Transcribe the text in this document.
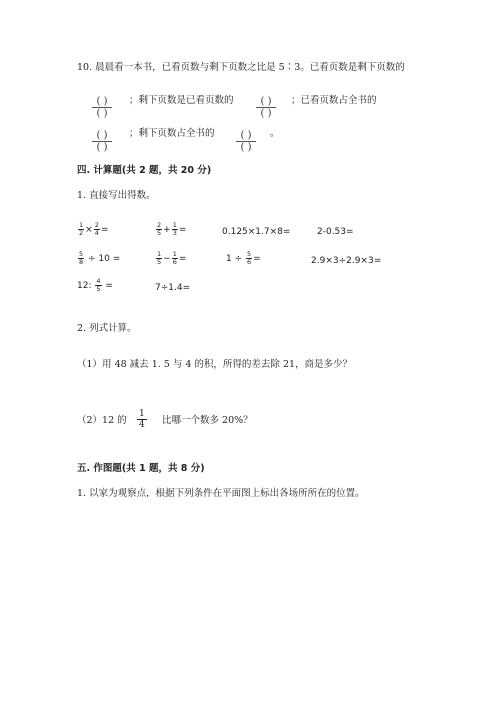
10. 晨晨看一本书，已看页数与剩下页数之比是 5∶3。已看页数是剩下页数的
$\frac{( )}{( )}$ ；剩下页数是已看页数的 $\frac{( )}{( )}$ ；已看页数占全书的
$\frac{( )}{( )}$ ；剩下页数占全书的 $\frac{( )}{( )}$ 。
四. 计算题(共 2 题，共 20 分)
1. 直接写出得数。
$\frac{1}{2} \times \frac{2}{4}$ =	$\frac{2}{5} + \frac{1}{3}$ =	0.125×1.7×8=	2-0.53=
$\frac{5}{8} \div 10$ =	$\frac{1}{5} - \frac{1}{6}$ =	$1 \div \frac{5}{6}$ =	2.9×3÷2.9×3=
12: $\frac{4}{5}$ =	7÷1.4=
2. 列式计算。
（1）用 48 减去 1. 5 与 4 的积，所得的差去除 21，商是多少？
（2）12 的 $\frac{1}{4}$ 比哪一个数多 20%？
五. 作图题(共 1 题，共 8 分)
1. 以家为观察点，根据下列条件在平面图上标出各场所所在的位置。
